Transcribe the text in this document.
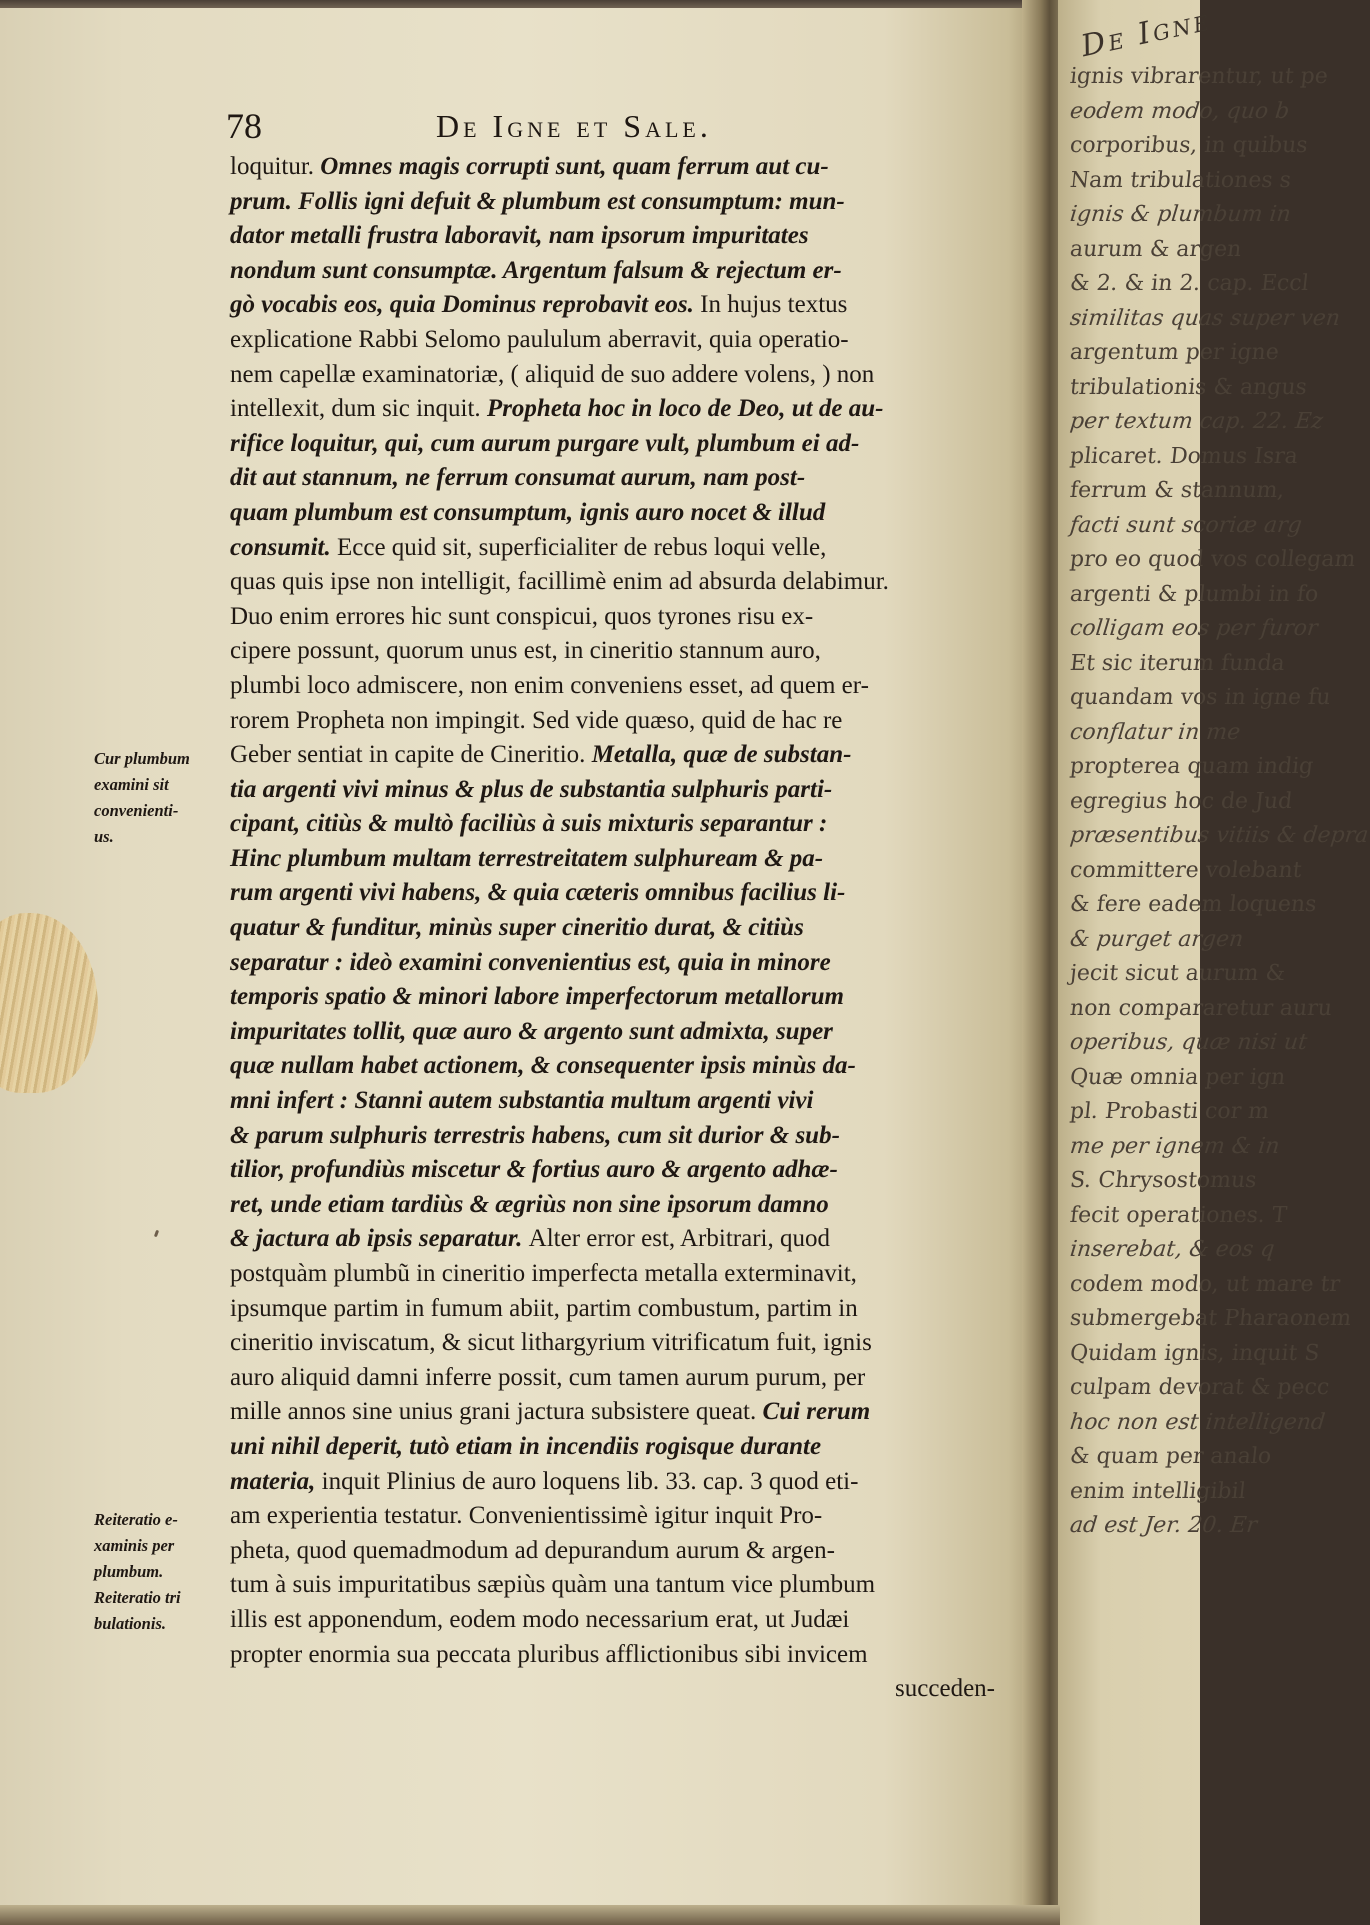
78	De Igne et Sale.
Cur plumbum
examini sit
convenienti-
us.
Reiteratio e-
xaminis per
plumbum.
Reiteratio tri
bulationis.
loquitur. Omnes magis corrupti sunt, quam ferrum aut cu-
prum. Follis igni defuit & plumbum est consumptum: mun-
dator metalli frustra laboravit, nam ipsorum impuritates
nondum sunt consumptæ. Argentum falsum & rejectum er-
gò vocabis eos, quia Dominus reprobavit eos. In hujus textus
explicatione Rabbi Selomo paululum aberravit, quia operatio-
nem capellæ examinatoriæ, ( aliquid de suo addere volens, ) non
intellexit, dum sic inquit. Propheta hoc in loco de Deo, ut de au-
rifice loquitur, qui, cum aurum purgare vult, plumbum ei ad-
dit aut stannum, ne ferrum consumat aurum, nam post-
quam plumbum est consumptum, ignis auro nocet & illud
consumit. Ecce quid sit, superficialiter de rebus loqui velle,
quas quis ipse non intelligit, facillimè enim ad absurda delabimur.
Duo enim errores hic sunt conspicui, quos tyrones risu ex-
cipere possunt, quorum unus est, in cineritio stannum auro,
plumbi loco admiscere, non enim conveniens esset, ad quem er-
rorem Propheta non impingit. Sed vide quæso, quid de hac re
Geber sentiat in capite de Cineritio. Metalla, quæ de substan-
tia argenti vivi minus & plus de substantia sulphuris parti-
cipant, citiùs & multò faciliùs à suis mixturis separantur :
Hinc plumbum multam terrestreitatem sulphuream & pa-
rum argenti vivi habens, & quia cæteris omnibus facilius li-
quatur & funditur, minùs super cineritio durat, & citiùs
separatur : ideò examini convenientius est, quia in minore
temporis spatio & minori labore imperfectorum metallorum
impuritates tollit, quæ auro & argento sunt admixta, super
quæ nullam habet actionem, & consequenter ipsis minùs da-
mni infert : Stanni autem substantia multum argenti vivi
& parum sulphuris terrestris habens, cum sit durior & sub-
tilior, profundiùs miscetur & fortius auro & argento adhæ-
ret, unde etiam tardiùs & ægriùs non sine ipsorum damno
& jactura ab ipsis separatur. Alter error est, Arbitrari, quod
postquàm plumbũ in cineritio imperfecta metalla exterminavit,
ipsumque partim in fumum abiit, partim combustum, partim in
cineritio inviscatum, & sicut lithargyrium vitrificatum fuit, ignis
auro aliquid damni inferre possit, cum tamen aurum purum, per
mille annos sine unius grani jactura subsistere queat. Cui rerum
uni nihil deperit, tutò etiam in incendiis rogisque durante
materia, inquit Plinius de auro loquens lib. 33. cap. 3 quod eti-
am experientia testatur. Convenientissimè igitur inquit Pro-
pheta, quod quemadmodum ad depurandum aurum & argen-
tum à suis impuritatibus sæpiùs quàm una tantum vice plumbum
illis est apponendum, eodem modo necessarium erat, ut Judæi
propter enormia sua peccata pluribus afflictionibus sibi invicem
succeden-
De Igne
ignis vibrarentur, ut pe
eodem modo, quo b
corporibus, in quibus
Nam tribulationes s
ignis & plumbum in
aurum & argen
& 2. & in 2. cap. Eccl
similitas quas super ven
argentum per igne
tribulationis & angus
per textum cap. 22. Ez
plicaret. Domus Isra
ferrum & stannum,
facti sunt scoriæ arg
pro eo quod vos collegam
argenti & plumbi in fo
colligam eos per furor
Et sic iterum funda
quandam vos in igne fu
conflatur in me
propterea quam indig
egregius hoc de Jud
præsentibus vitiis & depra
committere volebant
& fere eadem loquens
& purget argen
jecit sicut aurum &
non compararetur auru
operibus, quæ nisi ut
Quæ omnia per ign
pl. Probasti cor m
me per ignem & in
S. Chrysostomus
fecit operationes. T
inserebat, & eos q
codem modo, ut mare tr
submergebat Pharaonem
Quidam ignis, inquit S
culpam devorat & pecc
hoc non est intelligend
& quam per analo
enim intelligibil
ad est Jer. 20. Er
